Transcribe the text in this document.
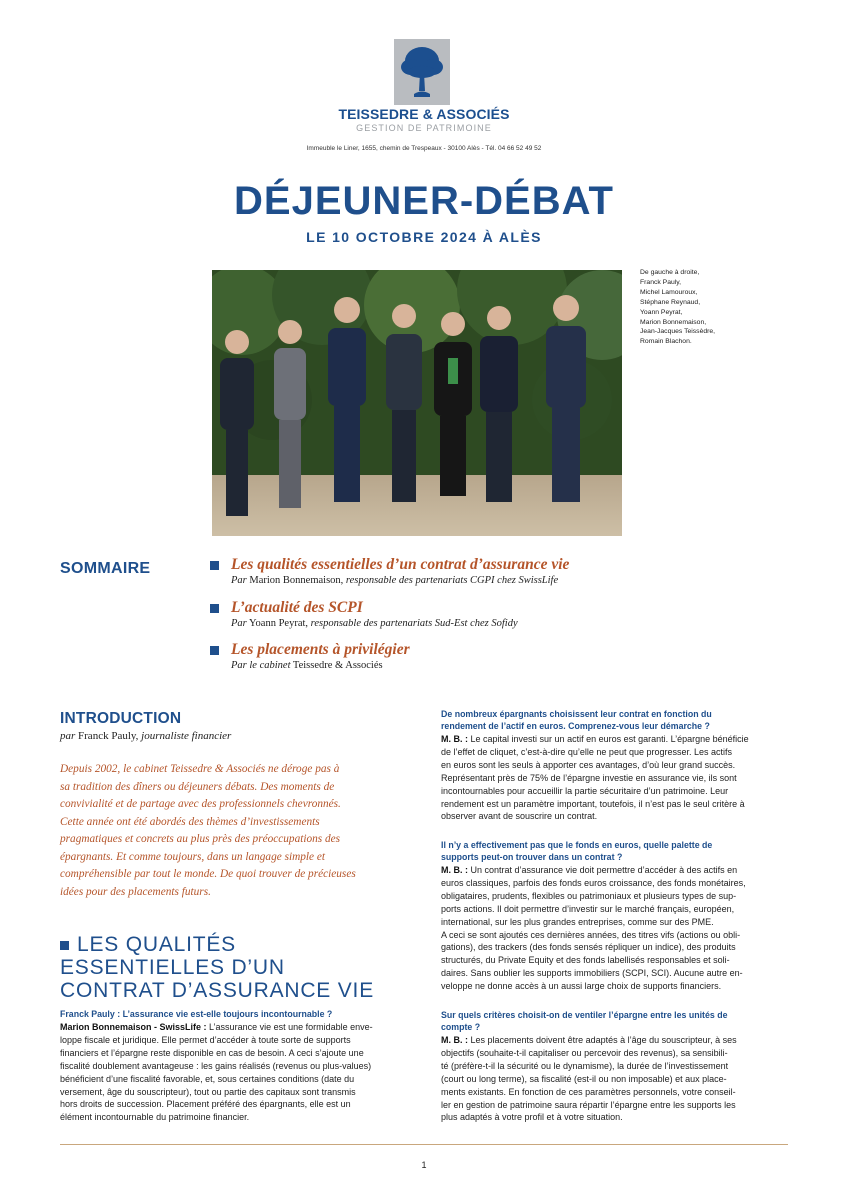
TEISSEDRE & ASSOCIÉS
GESTION DE PATRIMOINE
Immeuble le Liner, 1655, chemin de Trespeaux - 30100 Alès - Tél. 04 66 52 49 52
DÉJEUNER-DÉBAT
LE 10 OCTOBRE 2024 À ALÈS
De gauche à droite,
Franck Pauly,
Michel Lamouroux,
Stéphane Reynaud,
Yoann Peyrat,
Marion Bonnemaison,
Jean-Jacques Teissèdre,
Romain Blachon.
SOMMAIRE	Les qualités essentielles d’un contrat d’assurance vie
Par Marion Bonnemaison, responsable des partenariats CGPI chez SwissLife
L’actualité des SCPI
Par Yoann Peyrat, responsable des partenariats Sud-Est chez Sofidy
Les placements à privilégier
Par le cabinet Teissedre & Associés
INTRODUCTION
par Franck Pauly, journaliste financier
Depuis 2002, le cabinet Teissedre & Associés ne déroge pas à
sa tradition des dîners ou déjeuners débats. Des moments de
convivialité et de partage avec des professionnels chevronnés.
Cette année ont été abordés des thèmes d’investissements
pragmatiques et concrets au plus près des préoccupations des
épargnants. Et comme toujours, dans un langage simple et
compréhensible par tout le monde. De quoi trouver de précieuses
idées pour des placements futurs.
LES QUALITÉS
ESSENTIELLES D’UN
CONTRAT D’ASSURANCE VIE
Franck Pauly : L’assurance vie est-elle toujours incontournable ?
Marion Bonnemaison - SwissLife : L’assurance vie est une formidable enve-
loppe fiscale et juridique. Elle permet d’accéder à toute sorte de supports
financiers et l’épargne reste disponible en cas de besoin. A ceci s’ajoute une
fiscalité doublement avantageuse : les gains réalisés (revenus ou plus-values)
bénéficient d’une fiscalité favorable, et, sous certaines conditions (date du
versement, âge du souscripteur), tout ou partie des capitaux sont transmis
hors droits de succession. Placement préféré des épargnants, elle est un
élément incontournable du patrimoine financier.
De nombreux épargnants choisissent leur contrat en fonction du
rendement de l’actif en euros. Comprenez-vous leur démarche ?
M. B. : Le capital investi sur un actif en euros est garanti. L’épargne bénéficie
de l’effet de cliquet, c’est-à-dire qu’elle ne peut que progresser. Les actifs
en euros sont les seuls à apporter ces avantages, d’où leur grand succès.
Représentant près de 75% de l’épargne investie en assurance vie, ils sont
incontournables pour accueillir la partie sécuritaire d’un patrimoine. Leur
rendement est un paramètre important, toutefois, il n’est pas le seul critère à
observer avant de souscrire un contrat.
Il n’y a effectivement pas que le fonds en euros, quelle palette de
supports peut-on trouver dans un contrat ?
M. B. : Un contrat d’assurance vie doit permettre d’accéder à des actifs en
euros classiques, parfois des fonds euros croissance, des fonds monétaires,
obligataires, prudents, flexibles ou patrimoniaux et plusieurs types de sup-
ports actions. Il doit permettre d’investir sur le marché français, européen,
international, sur les plus grandes entreprises, comme sur des PME.
A ceci se sont ajoutés ces dernières années, des titres vifs (actions ou obli-
gations), des trackers (des fonds sensés répliquer un indice), des produits
structurés, du Private Equity et des fonds labellisés responsables et soli-
daires. Sans oublier les supports immobiliers (SCPI, SCI). Aucune autre en-
veloppe ne donne accès à un aussi large choix de supports financiers.
Sur quels critères choisit-on de ventiler l’épargne entre les unités de
compte ?
M. B. : Les placements doivent être adaptés à l’âge du souscripteur, à ses
objectifs (souhaite-t-il capitaliser ou percevoir des revenus), sa sensibili-
té (préfère-t-il la sécurité ou le dynamisme), la durée de l’investissement
(court ou long terme), sa fiscalité (est-il ou non imposable) et aux place-
ments existants. En fonction de ces paramètres personnels, votre conseil-
ler en gestion de patrimoine saura répartir l’épargne entre les supports les
plus adaptés à votre profil et à votre situation.
1
